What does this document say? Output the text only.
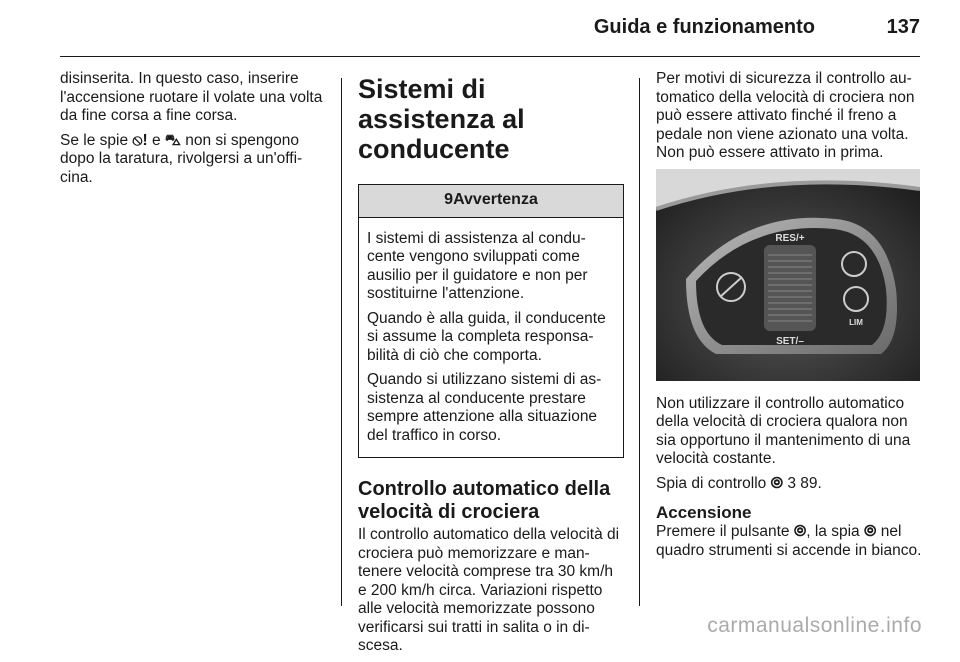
Guida e funzionamento	137

disinserita. In questo caso, inserire l'accensione ruotare il volate una volta da fine corsa a fine corsa.

Se le spie ⦸! e ⛍ non si spengono dopo la taratura, rivolgersi a un'offi-cina.

Sistemi di assistenza al conducente
9Avvertenza

I sistemi di assistenza al condu-cente vengono sviluppati come ausilio per il guidatore e non per sostituirne l'attenzione.

Quando è alla guida, il conducente si assume la completa responsa-bilità di ciò che comporta.

Quando si utilizzano sistemi di as-sistenza al conducente prestare sempre attenzione alla situazione del traffico in corso.

Controllo automatico della velocità di crociera

Il controllo automatico della velocità di crociera può memorizzare e man-tenere velocità comprese tra 30 km/h e 200 km/h circa. Variazioni rispetto alle velocità memorizzate possono verificarsi sui tratti in salita o in di-scesa.

Per motivi di sicurezza il controllo au-tomatico della velocità di crociera non può essere attivato finché il freno a pedale non viene azionato una volta. Non può essere attivato in prima.

RES/+
SET/–
LIM

Non utilizzare il controllo automatico della velocità di crociera qualora non sia opportuno il mantenimento di una velocità costante.

Spia di controllo ⦾ 3 89.

Accensione

Premere il pulsante ⦾, la spia ⦾ nel quadro strumenti si accende in bianco.

carmanualsonline.info
